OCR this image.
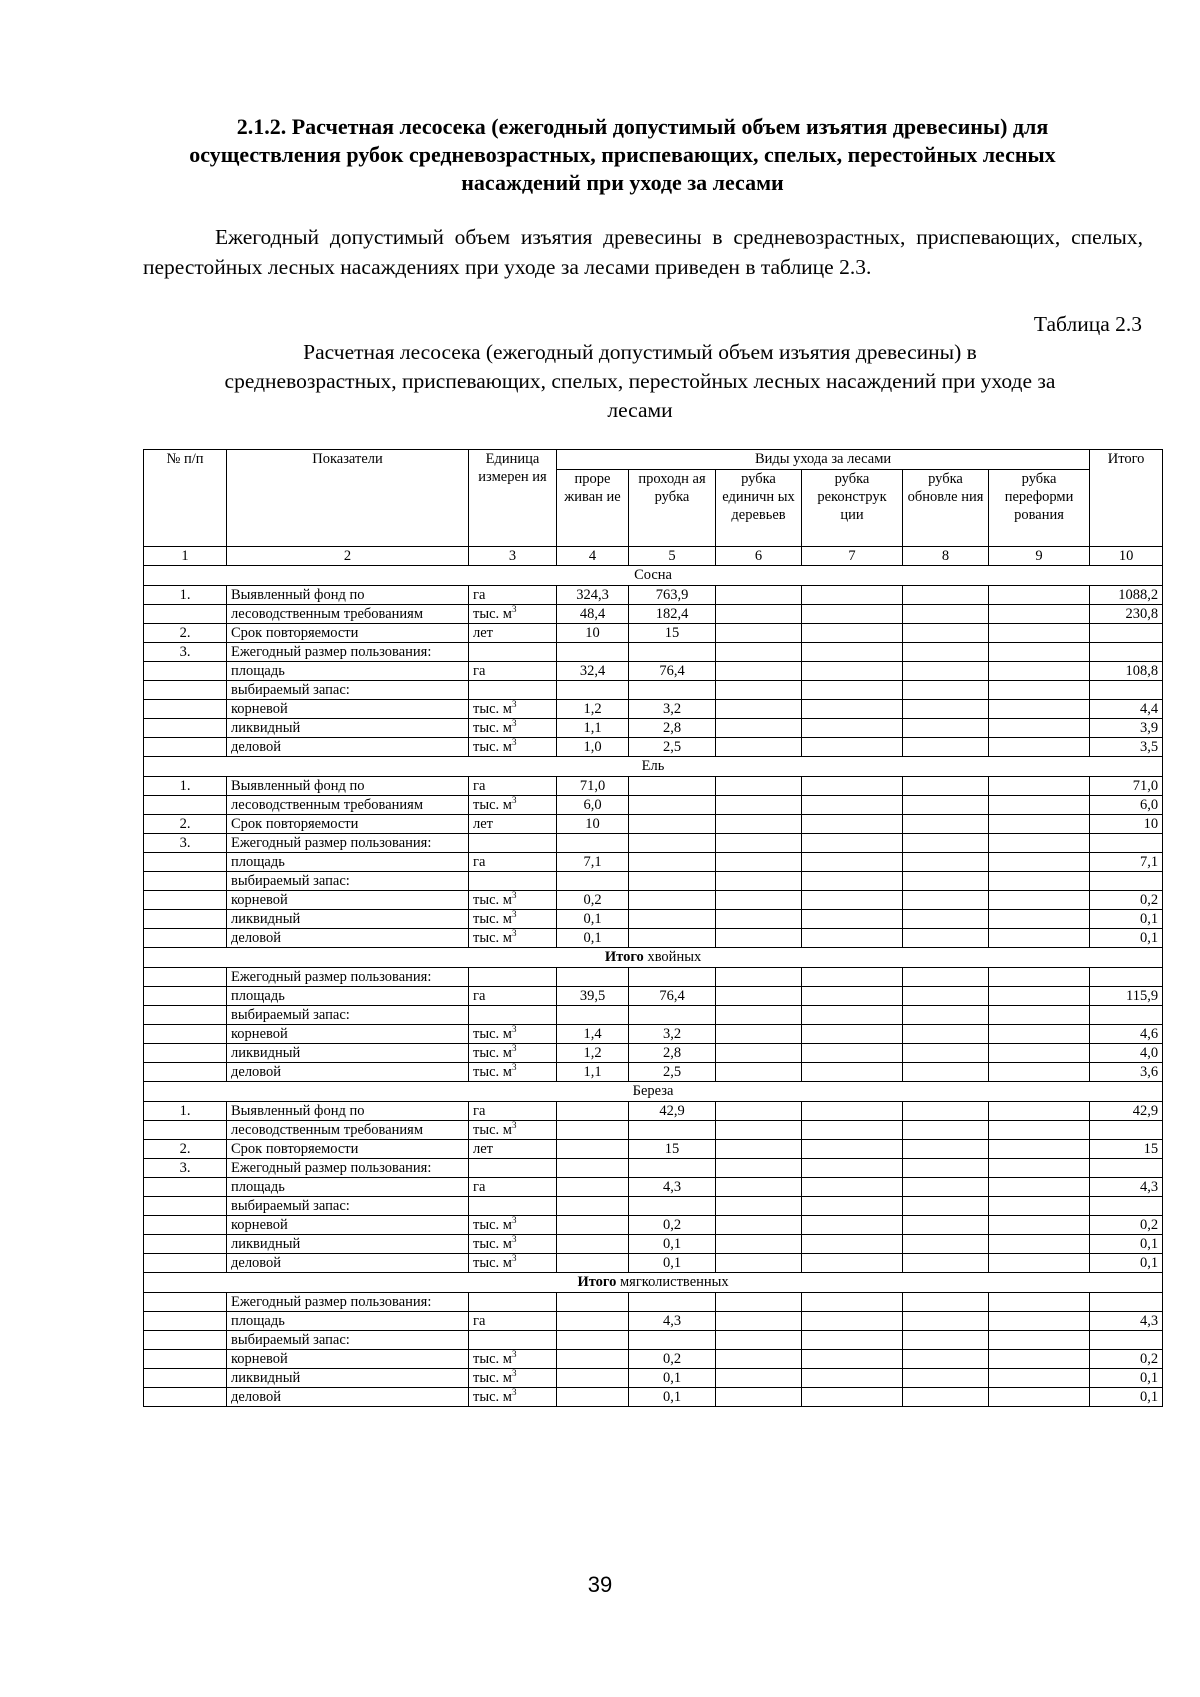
2.1.2. Расчетная лесосека (ежегодный допустимый объем изъятия древесины) для
осуществления рубок средневозрастных, приспевающих, спелых, перестойных лесных
насаждений при уходе за лесами
Ежегодный допустимый объем изъятия древесины в средневозрастных, приспевающих, спелых, перестойных лесных насаждениях при уходе за лесами приведен в таблице 2.3.
Таблица 2.3
Расчетная лесосека (ежегодный допустимый объем изъятия древесины) в
средневозрастных, приспевающих, спелых, перестойных лесных насаждений при уходе за
лесами
№ п/п	Показатели	Единица измерен ия	Виды ухода за лесами						Итого
			проре живан ие	проходн ая рубка	рубка единичн ых деревьев	рубка реконструк ции	рубка обновле ния	рубка переформи рования	
1	2	3	4	5	6	7	8	9	10
Сосна									
1.	Выявленный фонд по	га	324,3	763,9					1088,2
	лесоводственным требованиям	тыс. $м^3$	48,4	182,4					230,8
2.	Срок повторяемости	лет	10	15					
3.	Ежегодный размер пользования:								
	площадь	га	32,4	76,4					108,8
	выбираемый запас:								
	корневой	тыс. $м^3$	1,2	3,2					4,4
	ликвидный	тыс. $м^3$	1,1	2,8					3,9
	деловой	тыс. $м^3$	1,0	2,5					3,5
Ель									
1.	Выявленный фонд по	га	71,0						71,0
	лесоводственным требованиям	тыс. $м^3$	6,0						6,0
2.	Срок повторяемости	лет	10						10
3.	Ежегодный размер пользования:								
	площадь	га	7,1						7,1
	выбираемый запас:								
	корневой	тыс. $м^3$	0,2						0,2
	ликвидный	тыс. $м^3$	0,1						0,1
	деловой	тыс. $м^3$	0,1						0,1
Итого хвойных									
	Ежегодный размер пользования:								
	площадь	га	39,5	76,4					115,9
	выбираемый запас:								
	корневой	тыс. $м^3$	1,4	3,2					4,6
	ликвидный	тыс. $м^3$	1,2	2,8					4,0
	деловой	тыс. $м^3$	1,1	2,5					3,6
Береза									
1.	Выявленный фонд по	га		42,9					42,9
	лесоводственным требованиям	тыс. $м^3$							
2.	Срок повторяемости	лет		15					15
3.	Ежегодный размер пользования:								
	площадь	га		4,3					4,3
	выбираемый запас:								
	корневой	тыс. $м^3$		0,2					0,2
	ликвидный	тыс. $м^3$		0,1					0,1
	деловой	тыс. $м^3$		0,1					0,1
Итого мягколиственных									
	Ежегодный размер пользования:								
	площадь	га		4,3					4,3
	выбираемый запас:								
	корневой	тыс. $м^3$		0,2					0,2
	ликвидный	тыс. $м^3$		0,1					0,1
	деловой	тыс. $м^3$		0,1					0,1
39
